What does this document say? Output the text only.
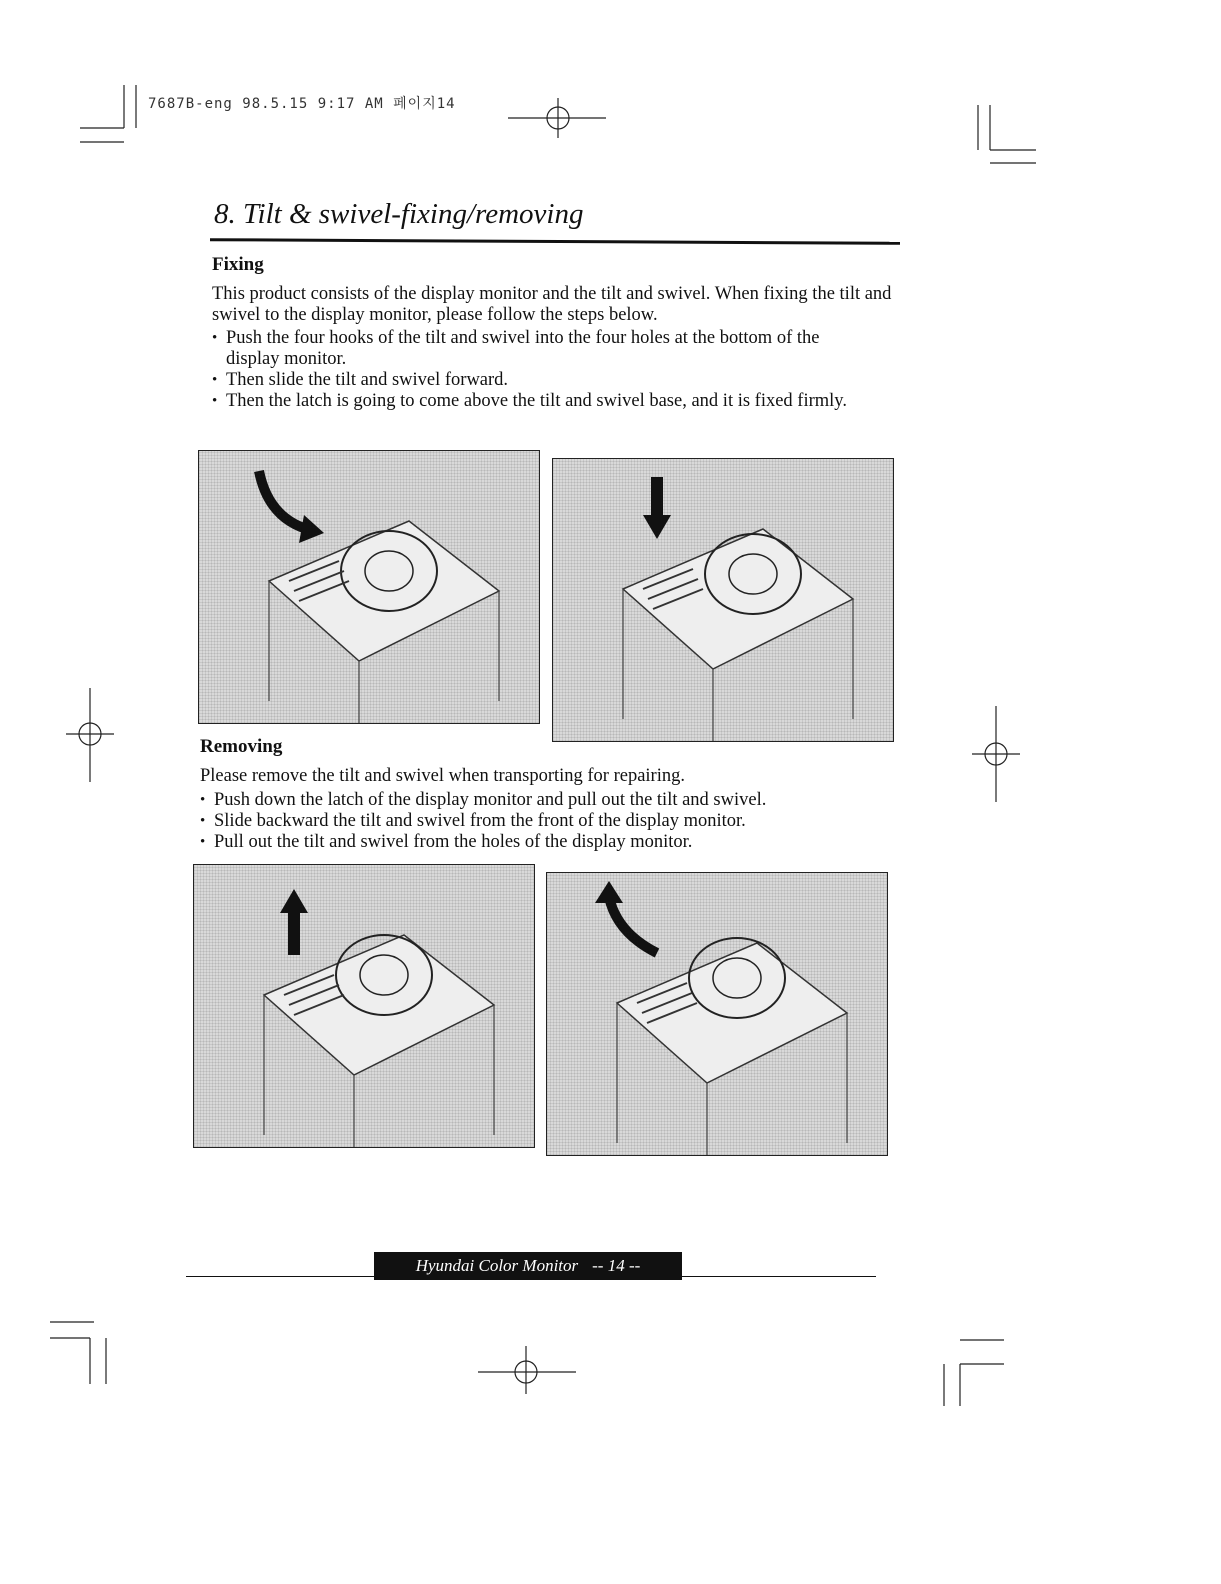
7687B-eng 98.5.15 9:17 AM 페이지14
8. Tilt & swivel-fixing/removing
Fixing
This product consists of the display monitor and the tilt and swivel. When fixing the tilt and swivel to the display monitor, please follow the steps below.
• Push the four hooks of the tilt and swivel into the four holes at the bottom of the display monitor.
• Then slide the tilt and swivel forward.
• Then the latch is going to come above the tilt and swivel base, and it is fixed firmly.
Removing
Please remove the tilt and swivel when transporting for repairing.
• Push down the latch of the display monitor and pull out the tilt and swivel.
• Slide backward the tilt and swivel from the front of the display monitor.
• Pull out the tilt and swivel from the holes of the display monitor.
Hyundai Color Monitor -- 14 --
